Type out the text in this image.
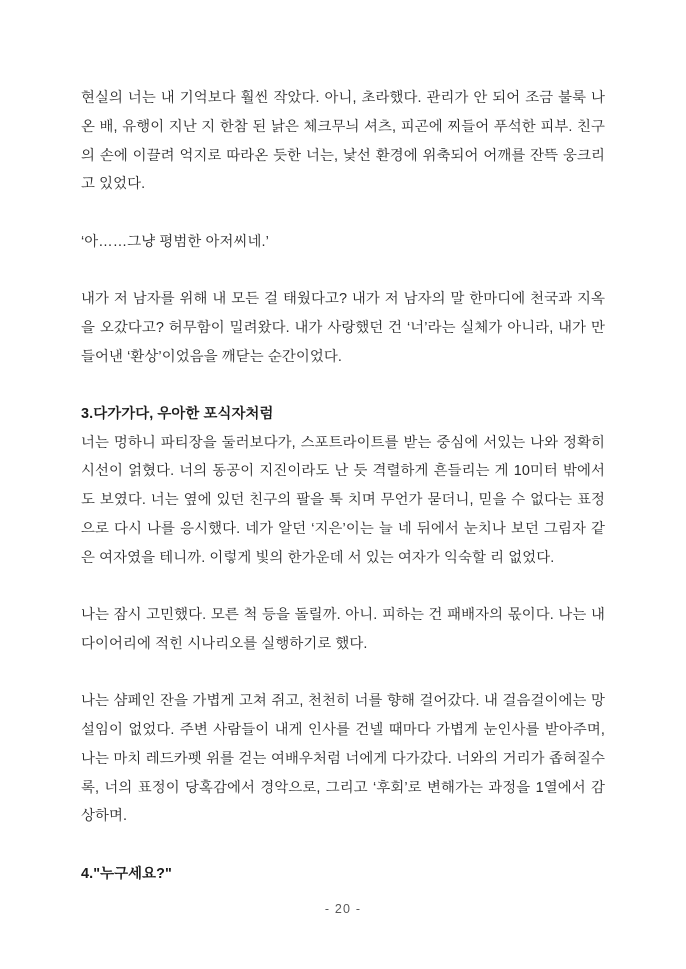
현실의 너는 내 기억보다 훨씬 작았다. 아니, 초라했다. 관리가 안 되어 조금 불룩 나온 배, 유행이 지난 지 한참 된 낡은 체크무늬 셔츠, 피곤에 찌들어 푸석한 피부. 친구의 손에 이끌려 억지로 따라온 듯한 너는, 낯선 환경에 위축되어 어깨를 잔뜩 웅크리고 있었다.

‘아……그냥 평범한 아저씨네.’

내가 저 남자를 위해 내 모든 걸 태웠다고? 내가 저 남자의 말 한마디에 천국과 지옥을 오갔다고? 허무함이 밀려왔다. 내가 사랑했던 건 ‘너’라는 실체가 아니라, 내가 만들어낸 ‘환상’이었음을 깨닫는 순간이었다.

3.다가가다, 우아한 포식자처럼

너는 멍하니 파티장을 둘러보다가, 스포트라이트를 받는 중심에 서있는 나와 정확히 시선이 얽혔다. 너의 동공이 지진이라도 난 듯 격렬하게 흔들리는 게 10미터 밖에서도 보였다. 너는 옆에 있던 친구의 팔을 툭 치며 무언가 묻더니, 믿을 수 없다는 표정으로 다시 나를 응시했다. 네가 알던 ‘지은’이는 늘 네 뒤에서 눈치나 보던 그림자 같은 여자였을 테니까. 이렇게 빛의 한가운데 서 있는 여자가 익숙할 리 없었다.

나는 잠시 고민했다. 모른 척 등을 돌릴까. 아니. 피하는 건 패배자의 몫이다. 나는 내 다이어리에 적힌 시나리오를 실행하기로 했다.

나는 샴페인 잔을 가볍게 고쳐 쥐고, 천천히 너를 향해 걸어갔다. 내 걸음걸이에는 망설임이 없었다. 주변 사람들이 내게 인사를 건넬 때마다 가볍게 눈인사를 받아주며, 나는 마치 레드카펫 위를 걷는 여배우처럼 너에게 다가갔다. 너와의 거리가 좁혀질수록, 너의 표정이 당혹감에서 경악으로, 그리고 ‘후회’로 변해가는 과정을 1열에서 감상하며.

4."누구세요?"

- 20 -
